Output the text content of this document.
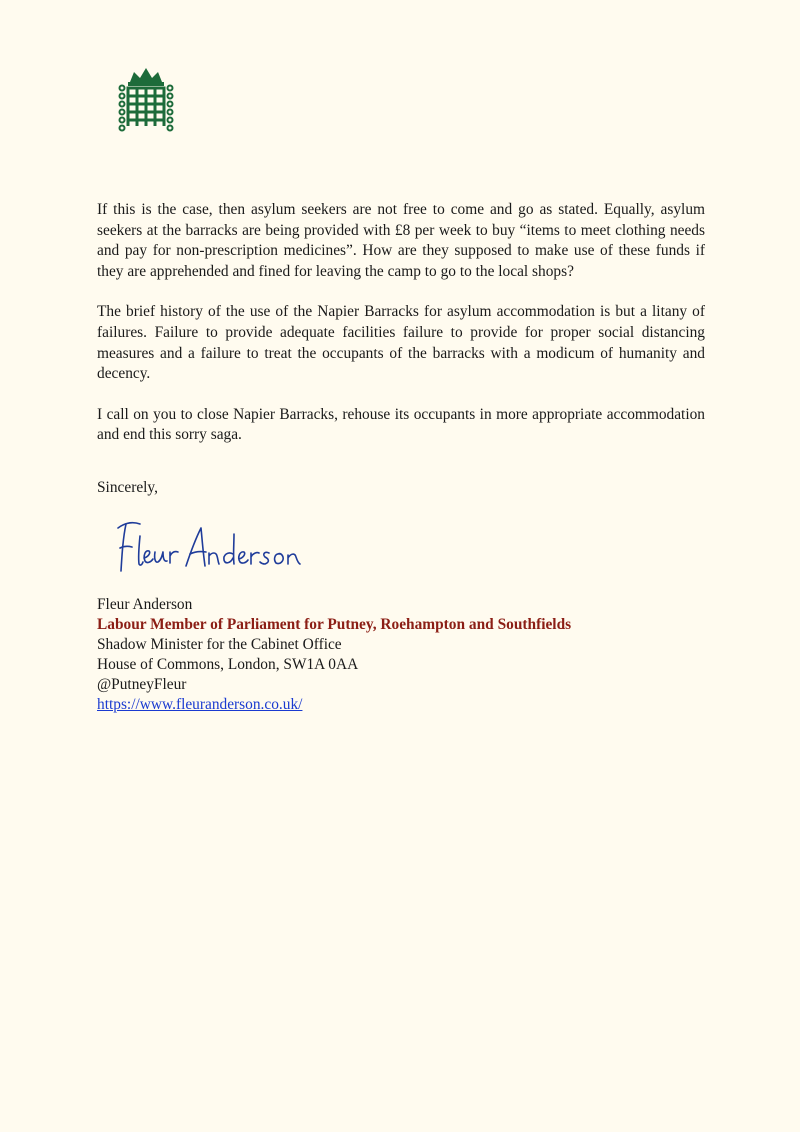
If this is the case, then asylum seekers are not free to come and go as stated. Equally, asylum seekers at the barracks are being provided with £8 per week to buy “items to meet clothing needs and pay for non-prescription medicines”. How are they supposed to make use of these funds if they are apprehended and fined for leaving the camp to go to the local shops?

The brief history of the use of the Napier Barracks for asylum accommodation is but a litany of failures. Failure to provide adequate facilities failure to provide for proper social distancing measures and a failure to treat the occupants of the barracks with a modicum of humanity and decency.

I call on you to close Napier Barracks, rehouse its occupants in more appropriate accommodation and end this sorry saga.

Sincerely,
Fleur Anderson
Labour Member of Parliament for Putney, Roehampton and Southfields
Shadow Minister for the Cabinet Office
House of Commons, London, SW1A 0AA
@PutneyFleur
https://www.fleuranderson.co.uk/
